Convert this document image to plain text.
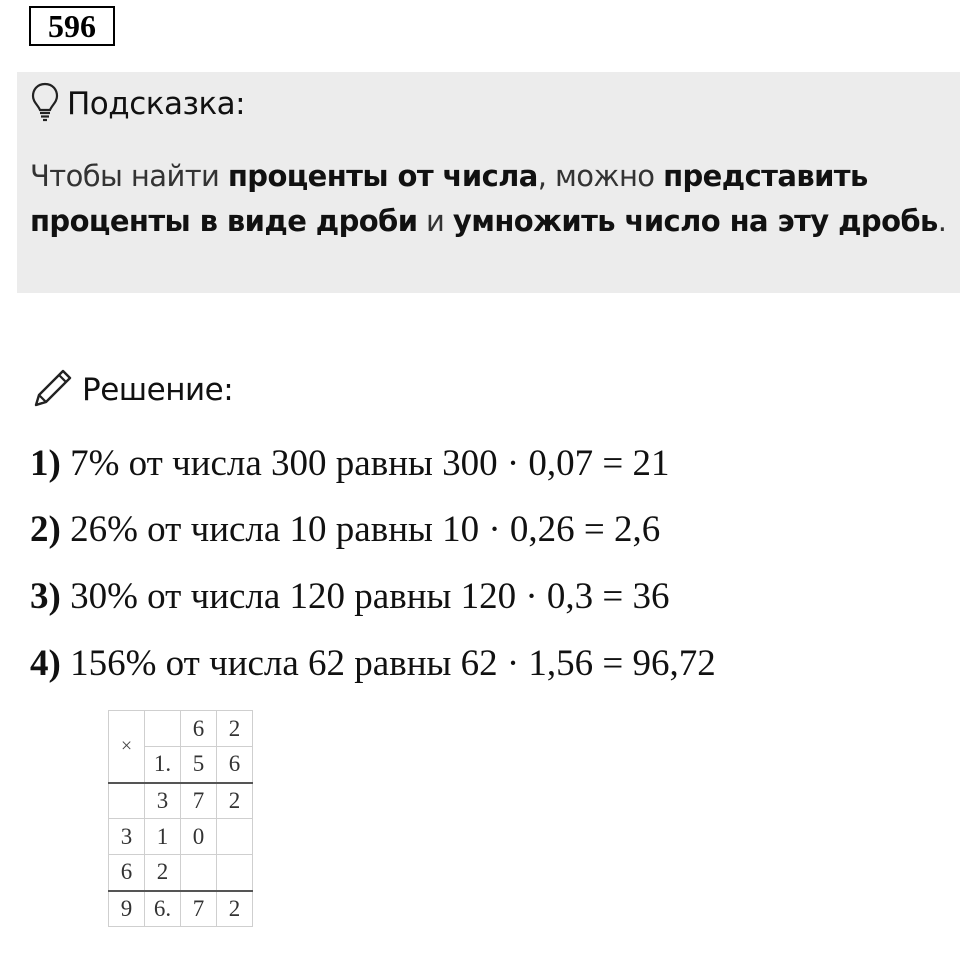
596
Подсказка:
Чтобы найти проценты от числа, можно представить
проценты в виде дроби и умножить число на эту дробь.
Решение:
1) 7% от числа 300 равны 300 · 0,07 = 21
2) 26% от числа 10 равны 10 · 0,26 = 2,6
3) 30% от числа 120 равны 120 · 0,3 = 36
4) 156% от числа 62 равны 62 · 1,56 = 96,72
×		6	2
	1.	5	6
	3	7	2
3	1	0	
6	2		
9	6.	7	2
